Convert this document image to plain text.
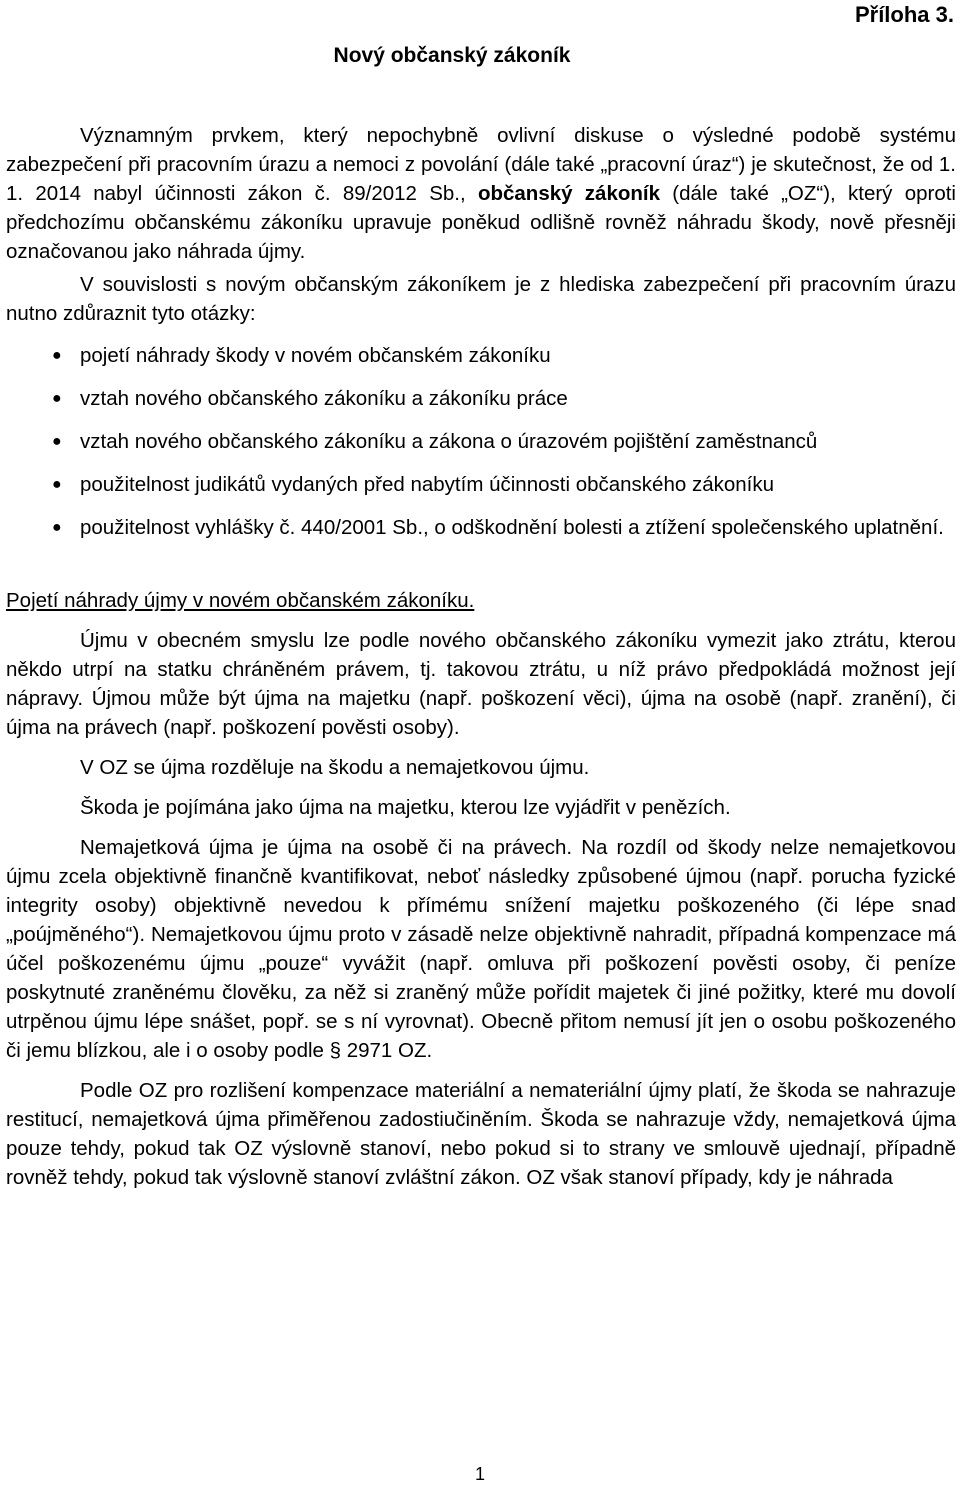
Příloha 3.
Nový občanský zákoník

Významným prvkem, který nepochybně ovlivní diskuse o výsledné podobě systému zabezpečení při pracovním úrazu a nemoci z povolání (dále také „pracovní úraz“) je skutečnost, že od 1. 1. 2014 nabyl účinnosti zákon č. 89/2012 Sb., občanský zákoník (dále také „OZ“), který oproti předchozímu občanskému zákoníku upravuje poněkud odlišně rovněž náhradu škody, nově přesněji označovanou jako náhrada újmy.

V souvislosti s novým občanským zákoníkem je z hlediska zabezpečení při pracovním úrazu nutno zdůraznit tyto otázky:

● pojetí náhrady škody v novém občanském zákoníku
● vztah nového občanského zákoníku a zákoníku práce
● vztah nového občanského zákoníku a zákona o úrazovém pojištění zaměstnanců
● použitelnost judikátů vydaných před nabytím účinnosti občanského zákoníku
● použitelnost vyhlášky č. 440/2001 Sb., o odškodnění bolesti a ztížení společenského uplatnění.

Pojetí náhrady újmy v novém občanském zákoníku.

Újmu v obecném smyslu lze podle nového občanského zákoníku vymezit jako ztrátu, kterou někdo utrpí na statku chráněném právem, tj. takovou ztrátu, u níž právo předpokládá možnost její nápravy. Újmou může být újma na majetku (např. poškození věci), újma na osobě (např. zranění), či újma na právech (např. poškození pověsti osoby).

V OZ se újma rozděluje na škodu a nemajetkovou újmu.

Škoda je pojímána jako újma na majetku, kterou lze vyjádřit v penězích.

Nemajetková újma je újma na osobě či na právech. Na rozdíl od škody nelze nemajetkovou újmu zcela objektivně finančně kvantifikovat, neboť následky způsobené újmou (např. porucha fyzické integrity osoby) objektivně nevedou k přímému snížení majetku poškozeného (či lépe snad „poújměného“). Nemajetkovou újmu proto v zásadě nelze objektivně nahradit, případná kompenzace má účel poškozenému újmu „pouze“ vyvážit (např. omluva při poškození pověsti osoby, či peníze poskytnuté zraněnému člověku, za něž si zraněný může pořídit majetek či jiné požitky, které mu dovolí utrpěnou újmu lépe snášet, popř. se s ní vyrovnat). Obecně přitom nemusí jít jen o osobu poškozeného či jemu blízkou, ale i o osoby podle § 2971 OZ.

Podle OZ pro rozlišení kompenzace materiální a nemateriální újmy platí, že škoda se nahrazuje restitucí, nemajetková újma přiměřenou zadostiučiněním. Škoda se nahrazuje vždy, nemajetková újma pouze tehdy, pokud tak OZ výslovně stanoví, nebo pokud si to strany ve smlouvě ujednají, případně rovněž tehdy, pokud tak výslovně stanoví zvláštní zákon. OZ však stanoví případy, kdy je náhrada

1
